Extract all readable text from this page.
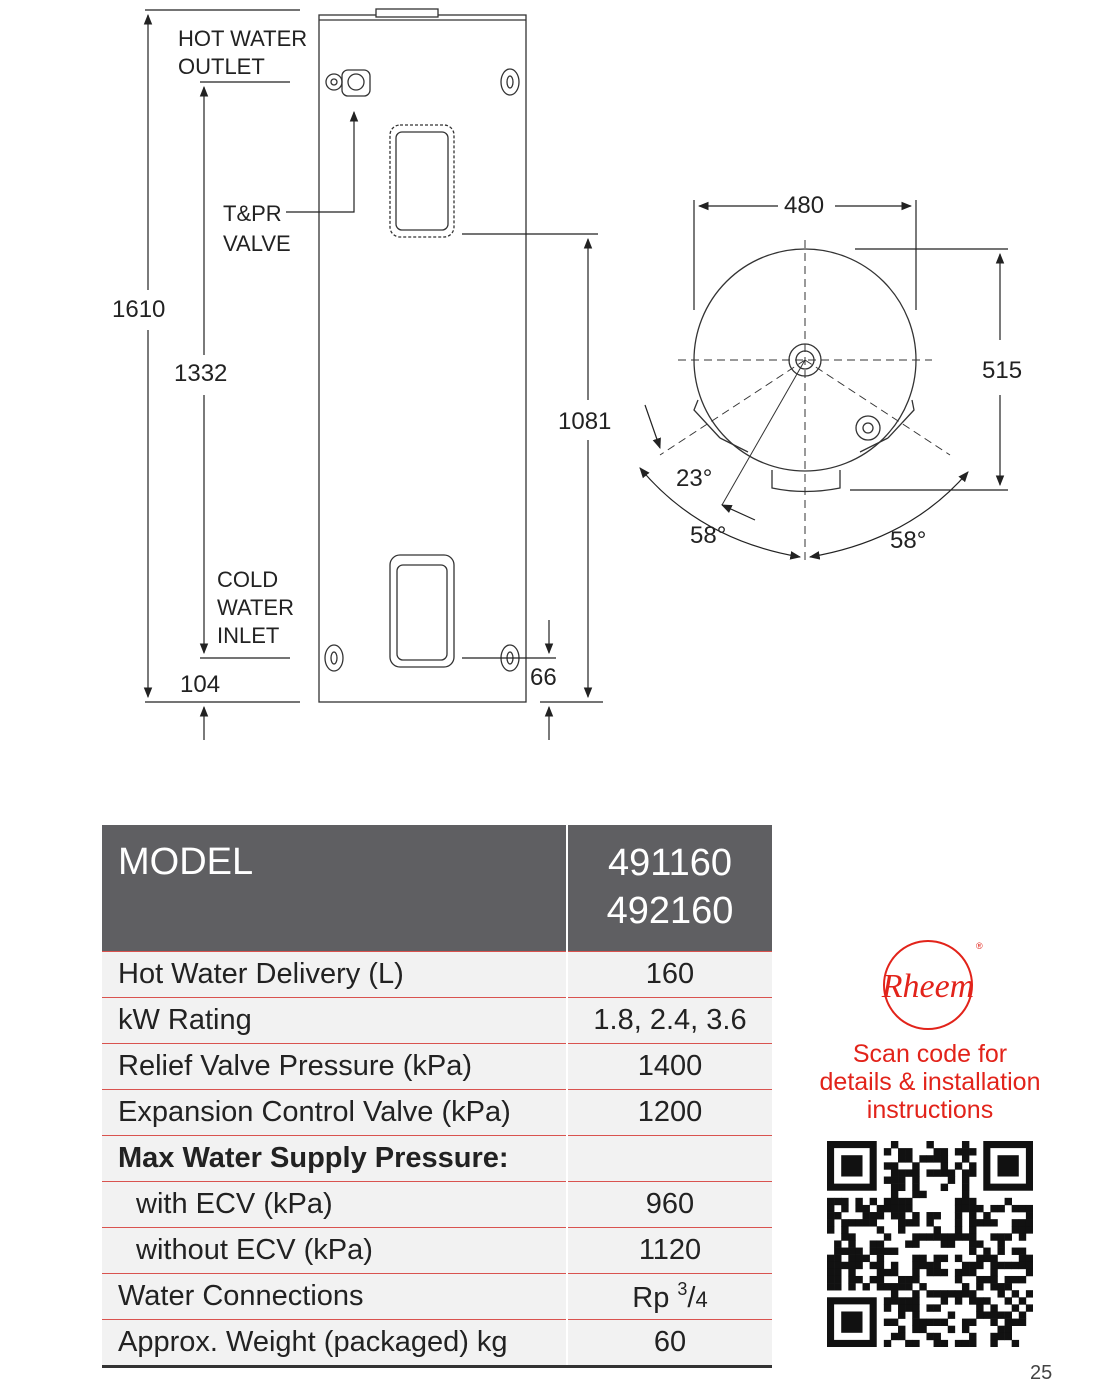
HOT WATER
OUTLET
T&PR
VALVE
COLD
WATER
INLET
1610
1332
1081
104	66
480
515
23°
58°	58°
MODEL	491160
492160

Hot Water Delivery (L)	160
kW Rating	1.8, 2.4, 3.6
Relief Valve Pressure (kPa)	1400
Expansion Control Valve (kPa)	1200
Max Water Supply Pressure:	
with ECV (kPa)	960
without ECV (kPa)	1120
Water Connections	Rp $^3$/4
Approx. Weight (packaged) kg	60
Rheem
®
Scan code for
details & installation
instructions
25
